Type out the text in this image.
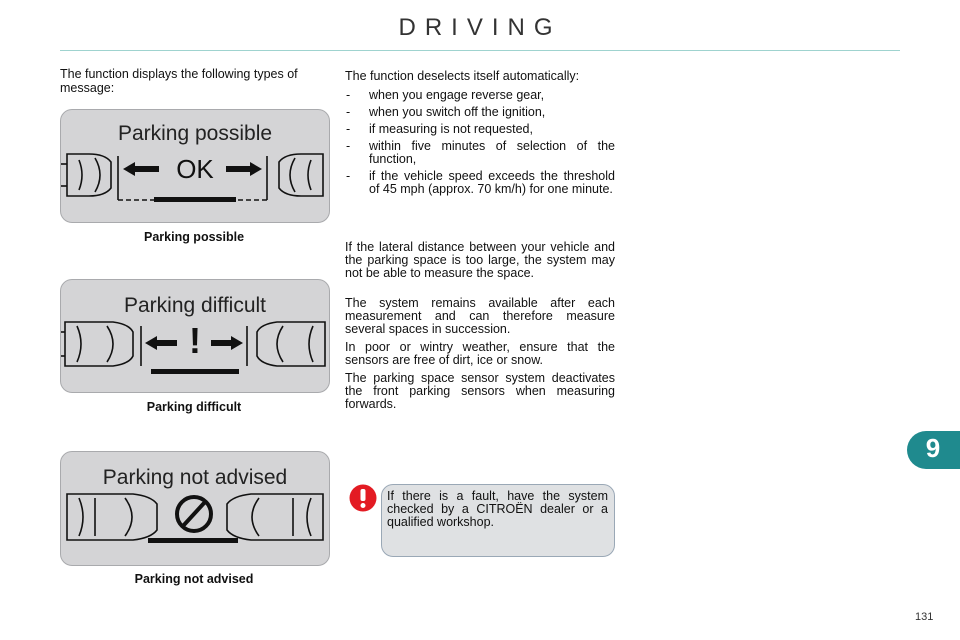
DRIVING

The function displays the following types of message:

Parking possible
OK
Parking possible
Parking difficult
!
Parking difficult
Parking not advised
Parking not advised

The function deselects itself automatically:

- when you engage reverse gear,
- when you switch off the ignition,
- if measuring is not requested,
- within five minutes of selection of the function,
- if the vehicle speed exceeds the threshold of 45 mph (approx. 70 km/h) for one minute.

If the lateral distance between your vehicle and the parking space is too large, the system may not be able to measure the space.

The system remains available after each measurement and can therefore measure several spaces in succession.

In poor or wintry weather, ensure that the sensors are free of dirt, ice or snow.

The parking space sensor system deactivates the front parking sensors when measuring forwards.

If there is a fault, have the system checked by a CITROËN dealer or a qualified workshop.

9
131
